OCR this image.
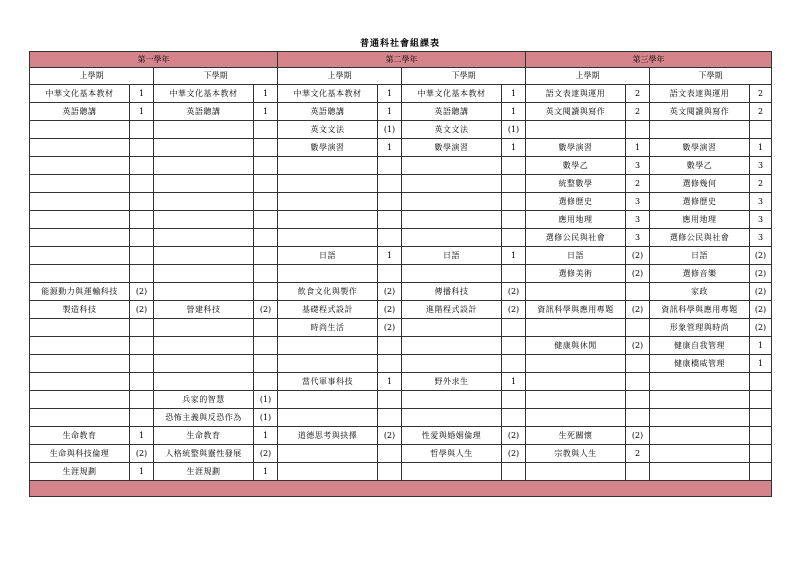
普通科社會組課表
第一學年				第二學年				第三學年			
上學期		下學期		上學期		下學期		上學期		下學期	
中華文化基本教材	1	中華文化基本教材	1	中華文化基本教材	1	中華文化基本教材	1	語文表達與運用	2	語文表達與運用	2
英語聽講	1	英語聽講	1	英語聽講	1	英語聽講	1	英文閱讀與寫作	2	英文閱讀與寫作	2
				英文文法	(1)	英文文法	(1)				
				數學演習	1	數學演習	1	數學演習	1	數學演習	1
								數學乙	3	數學乙	3
								統整數學	2	選修幾何	2
								選修歷史	3	選修歷史	3
								應用地理	3	應用地理	3
								選修公民與社會	3	選修公民與社會	3
				日語	1	日語	1	日語	(2)	日語	(2)
								選修美術	(2)	選修音樂	(2)
能源動力與運輸科技	(2)			飲食文化與製作	(2)	傳播科技	(2)			家政	(2)
製造科技	(2)	營建科技	(2)	基礎程式設計	(2)	進階程式設計	(2)	資訊科學與應用專題	(2)	資訊科學與應用專題	(2)
				時尚生活	(2)					形象管理與時尚	(2)
								健康與休閒	(2)	健康自我管理	1
										健康橋威管理	1
				當代軍事科技	1	野外求生	1				
		兵家的智慧	(1)								
		恐怖主義與反恐作為	(1)								
生命教育	1	生命教育	1	道德思考與抉擇	(2)	性愛與婚姻倫理	(2)	生死關懷	(2)		
生命與科技倫理	(2)	人格統整與靈性發展	(2)			哲學與人生	(2)	宗教與人生	2		
生涯規劃	1	生涯規劃	1								
